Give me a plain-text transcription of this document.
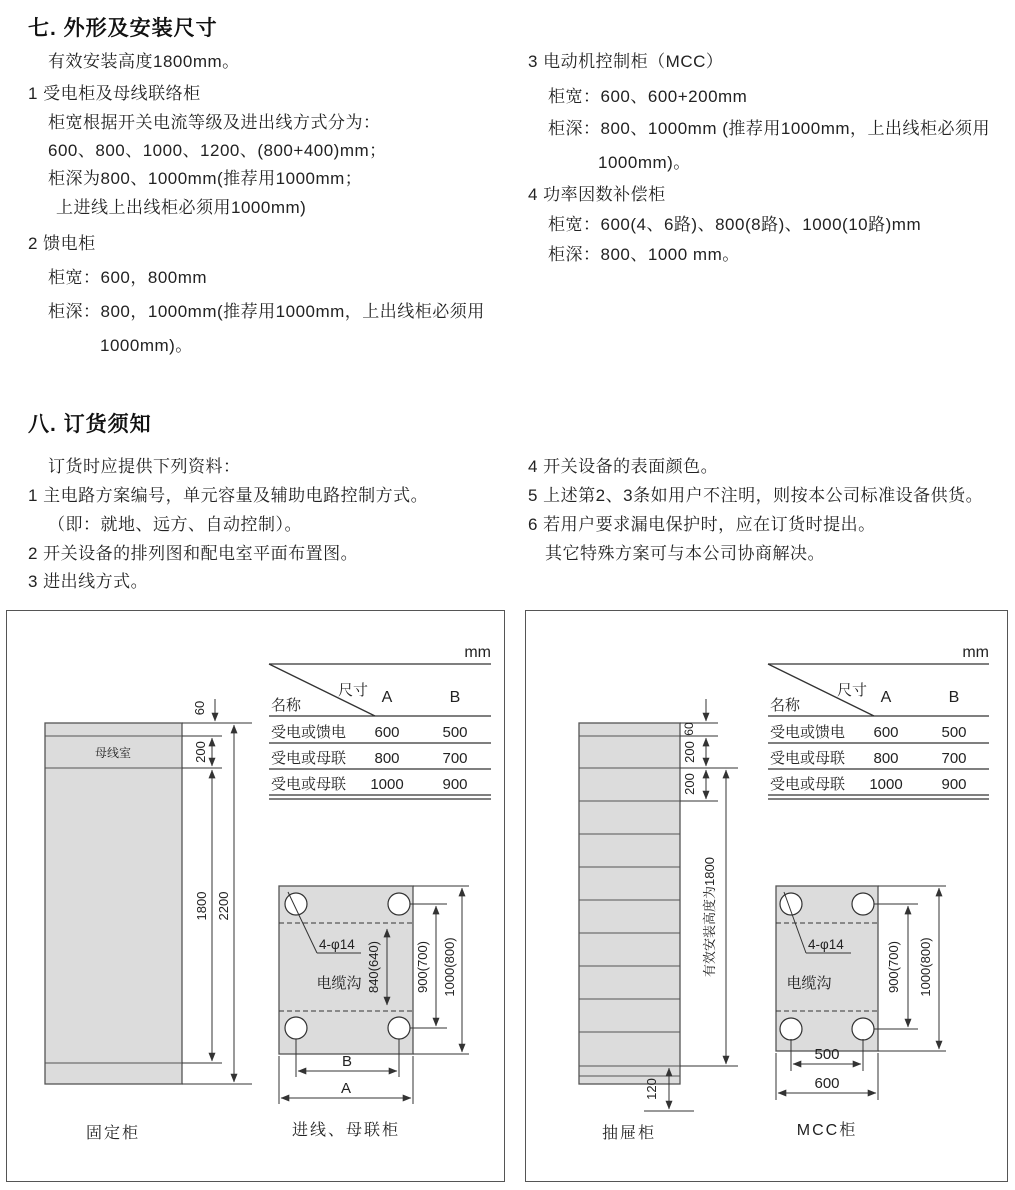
七. 外形及安装尺寸
有效安装高度1800mm。
1 受电柜及母线联络柜
柜宽根据开关电流等级及进出线方式分为：
600、800、1000、1200、(800+400)mm；
柜深为800、1000mm(推荐用1000mm；
上进线上出线柜必须用1000mm)
2 馈电柜
柜宽：600，800mm
柜深：800，1000mm(推荐用1000mm，上出线柜必须用
1000mm)。
3 电动机控制柜（MCC）
柜宽：600、600+200mm
柜深：800、1000mm (推荐用1000mm，上出线柜必须用
1000mm)。
4 功率因数补偿柜
柜宽：600(4、6路)、800(8路)、1000(10路)mm
柜深：800、1000 mm。
八. 订货须知
订货时应提供下列资料：
1 主电路方案编号，单元容量及辅助电路控制方式。
（即：就地、远方、自动控制）。
2 开关设备的排列图和配电室平面布置图。
3 进出线方式。
4 开关设备的表面颜色。
5 上述第2、3条如用户不注明，则按本公司标准设备供货。
6 若用户要求漏电保护时，应在订货时提出。
其它特殊方案可与本公司协商解决。
mm
尺寸
名称	A	B
受电或馈电 600	500
受电或母联 800	700
受电或母联 1000	900
母线室
60
200
1800 2200
固定柜
4-φ14
电缆沟 840(640)	900(700) 1000(800)
B
A
进线、母联柜
mm
尺寸
名称	A	B
受电或馈电 600	500
受电或母联 800	700
受电或母联 1000	900
60
200
200
有效安装高度为1800
120
抽屉柜
4-φ14
电缆沟	900(700) 1000(800)
500
600
MCC柜
